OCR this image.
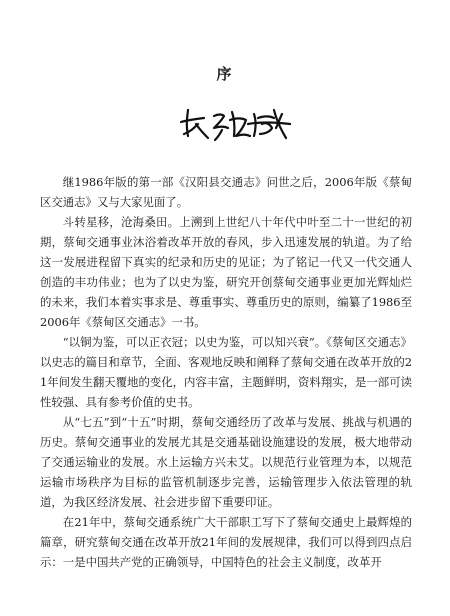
序

继1986年版的第一部《汉阳县交通志》问世之后，2006年版《蔡甸区交通志》又与大家见面了。

斗转星移，沧海桑田。上溯到上世纪八十年代中叶至二十一世纪的初期，蔡甸交通事业沐浴着改革开放的春风，步入迅速发展的轨道。为了给这一发展进程留下真实的纪录和历史的见证；为了铭记一代又一代交通人创造的丰功伟业；也为了以史为鉴，研究开创蔡甸交通事业更加光辉灿烂的未来，我们本着实事求是、尊重事实、尊重历史的原则，编纂了1986至2006年《蔡甸区交通志》一书。

“以铜为鉴，可以正衣冠；以史为鉴，可以知兴衰”。《蔡甸区交通志》以史志的篇目和章节，全面、客观地反映和阐释了蔡甸交通在改革开放的21年间发生翻天覆地的变化，内容丰富，主题鲜明，资料翔实，是一部可读性较强、具有参考价值的史书。

从“七五”到“十五”时期，蔡甸交通经历了改革与发展、挑战与机遇的历史。蔡甸交通事业的发展尤其是交通基础设施建设的发展，极大地带动了交通运输业的发展。水上运输方兴未艾。以规范行业管理为本，以规范运输市场秩序为目标的监管机制逐步完善，运输管理步入依法管理的轨道，为我区经济发展、社会进步留下重要印证。

在21年中，蔡甸交通系统广大干部职工写下了蔡甸交通史上最辉煌的篇章，研究蔡甸交通在改革开放21年间的发展规律，我们可以得到四点启示：一是中国共产党的正确领导，中国特色的社会主义制度，改革开
